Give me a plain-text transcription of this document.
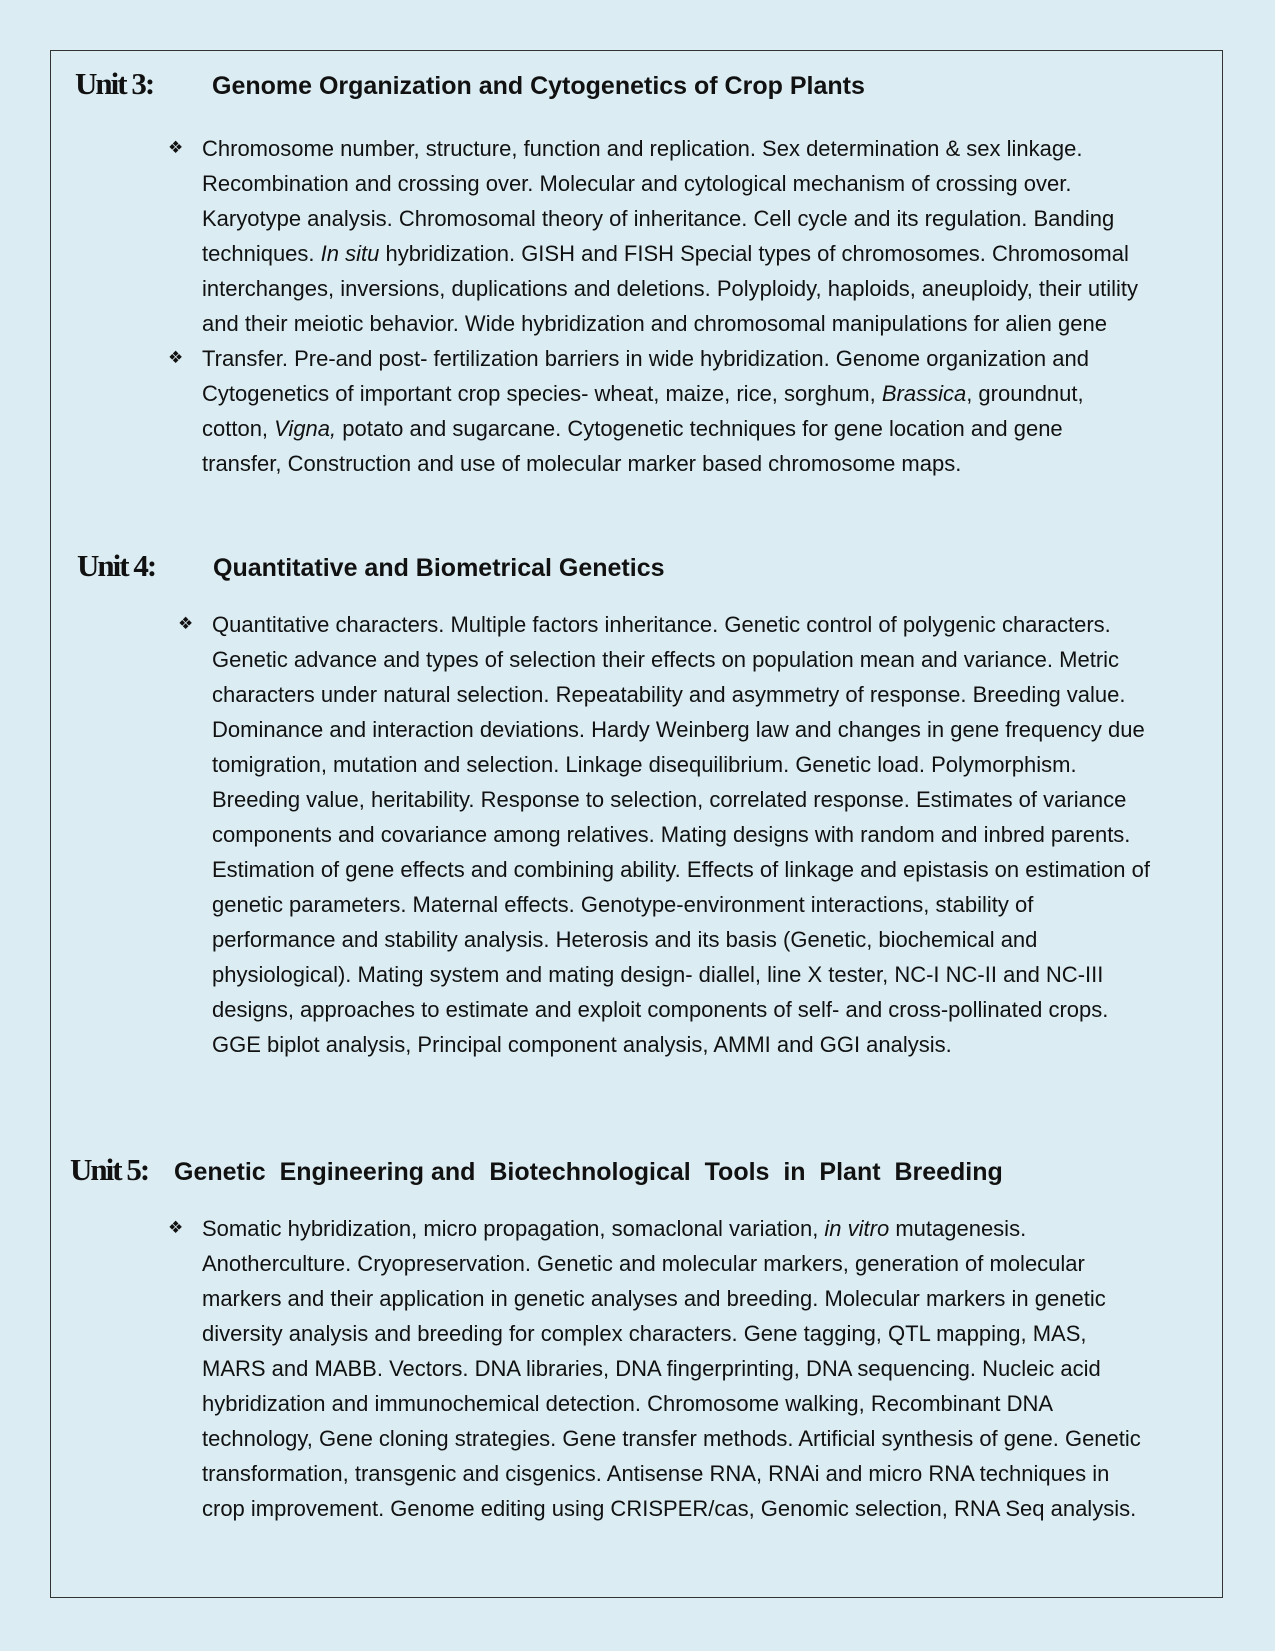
Unit 3:	Genome Organization and Cytogenetics of Crop Plants
❖ Chromosome number, structure, function and replication. Sex determination & sex linkage. Recombination and crossing over. Molecular and cytological mechanism of crossing over. Karyotype analysis. Chromosomal theory of inheritance. Cell cycle and its regulation. Banding techniques. In situ hybridization. GISH and FISH Special types of chromosomes. Chromosomal interchanges, inversions, duplications and deletions. Polyploidy, haploids, aneuploidy, their utility and their meiotic behavior. Wide hybridization and chromosomal manipulations for alien gene
❖ Transfer. Pre-and post- fertilization barriers in wide hybridization. Genome organization and Cytogenetics of important crop species- wheat, maize, rice, sorghum, Brassica, groundnut, cotton, Vigna, potato and sugarcane. Cytogenetic techniques for gene location and gene transfer, Construction and use of molecular marker based chromosome maps.
Unit 4:	Quantitative and Biometrical Genetics
❖ Quantitative characters. Multiple factors inheritance. Genetic control of polygenic characters. Genetic advance and types of selection their effects on population mean and variance. Metric characters under natural selection. Repeatability and asymmetry of response. Breeding value. Dominance and interaction deviations. Hardy Weinberg law and changes in gene frequency due tomigration, mutation and selection. Linkage disequilibrium. Genetic load. Polymorphism. Breeding value, heritability. Response to selection, correlated response. Estimates of variance components and covariance among relatives. Mating designs with random and inbred parents. Estimation of gene effects and combining ability. Effects of linkage and epistasis on estimation of genetic parameters. Maternal effects. Genotype-environment interactions, stability of performance and stability analysis. Heterosis and its basis (Genetic, biochemical and physiological). Mating system and mating design- diallel, line X tester, NC-I NC-II and NC-III designs, approaches to estimate and exploit components of self- and cross-pollinated crops. GGE biplot analysis, Principal component analysis, AMMI and GGI analysis.
Unit 5:	Genetic  Engineering and  Biotechnological  Tools  in  Plant  Breeding
❖ Somatic hybridization, micro propagation, somaclonal variation, in vitro mutagenesis. Anotherculture. Cryopreservation. Genetic and molecular markers, generation of molecular markers and their application in genetic analyses and breeding. Molecular markers in genetic diversity analysis and breeding for complex characters. Gene tagging, QTL mapping, MAS, MARS and MABB. Vectors. DNA libraries, DNA fingerprinting, DNA sequencing. Nucleic acid hybridization and immunochemical detection. Chromosome walking, Recombinant DNA technology, Gene cloning strategies. Gene transfer methods. Artificial synthesis of gene. Genetic transformation, transgenic and cisgenics. Antisense RNA, RNAi and micro RNA techniques in crop improvement. Genome editing using CRISPER/cas, Genomic selection, RNA Seq analysis.
